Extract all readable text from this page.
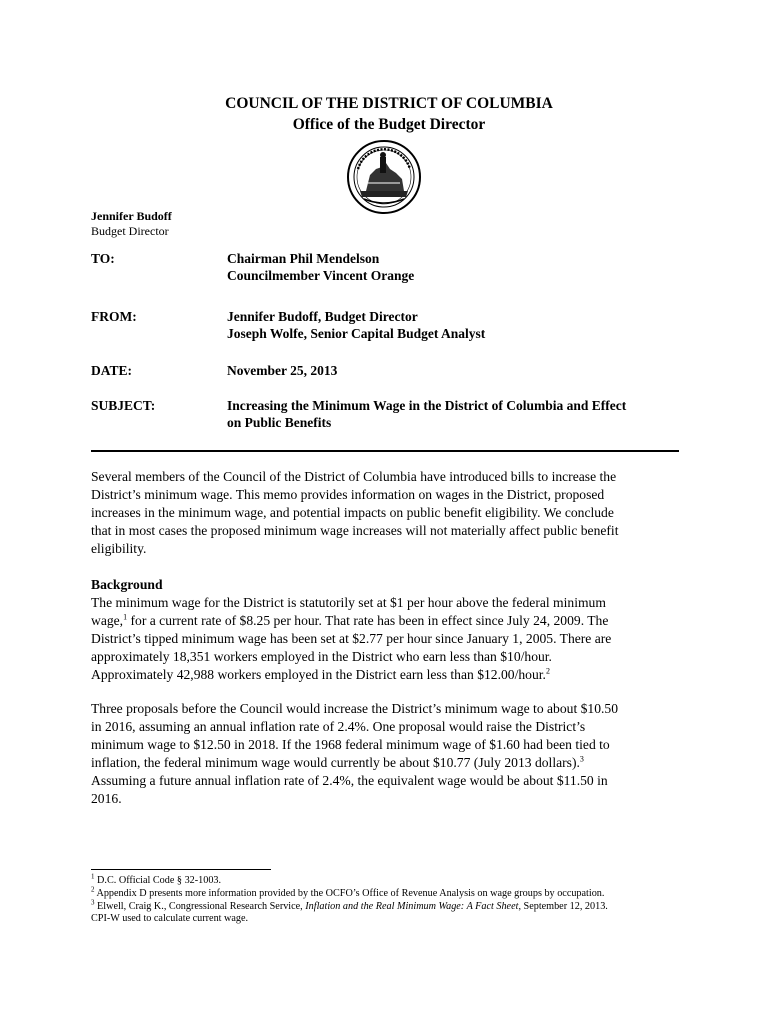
COUNCIL OF THE DISTRICT OF COLUMBIA
Office of the Budget Director
Jennifer Budoff
Budget Director
TO:	Chairman Phil Mendelson
Councilmember Vincent Orange
FROM:	Jennifer Budoff, Budget Director
Joseph Wolfe, Senior Capital Budget Analyst
DATE:	November 25, 2013
SUBJECT:	Increasing the Minimum Wage in the District of Columbia and Effect
on Public Benefits
Several members of the Council of the District of Columbia have introduced bills to increase the
District’s minimum wage. This memo provides information on wages in the District, proposed
increases in the minimum wage, and potential impacts on public benefit eligibility. We conclude
that in most cases the proposed minimum wage increases will not materially affect public benefit
eligibility.
Background
The minimum wage for the District is statutorily set at $1 per hour above the federal minimum
wage,$^1$ for a current rate of $8.25 per hour. That rate has been in effect since July 24, 2009. The
District’s tipped minimum wage has been set at $2.77 per hour since January 1, 2005. There are
approximately 18,351 workers employed in the District who earn less than $10/hour.
Approximately 42,988 workers employed in the District earn less than $12.00/hour.$^2$
Three proposals before the Council would increase the District’s minimum wage to about $10.50
in 2016, assuming an annual inflation rate of 2.4%. One proposal would raise the District’s
minimum wage to $12.50 in 2018. If the 1968 federal minimum wage of $1.60 had been tied to
inflation, the federal minimum wage would currently be about $10.77 (July 2013 dollars).$^3$
Assuming a future annual inflation rate of 2.4%, the equivalent wage would be about $11.50 in
2016.
$^1$ D.C. Official Code § 32-1003.
$^2$ Appendix D presents more information provided by the OCFO’s Office of Revenue Analysis on wage groups by occupation.
$^3$ Elwell, Craig K., Congressional Research Service, Inflation and the Real Minimum Wage: A Fact Sheet, September 12, 2013.
CPI-W used to calculate current wage.
